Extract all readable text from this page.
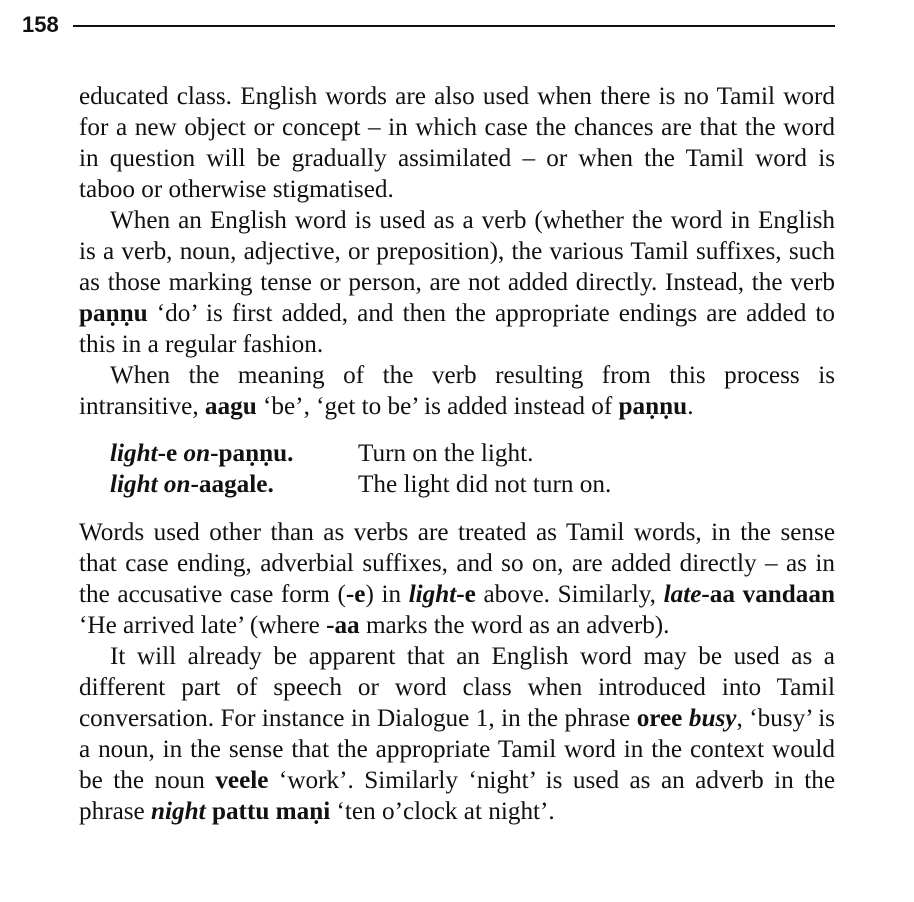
158

educated class. English words are also used when there is no Tamil word for a new object or concept – in which case the chances are that the word in question will be gradually assimilated – or when the Tamil word is taboo or otherwise stigmatised.

When an English word is used as a verb (whether the word in English is a verb, noun, adjective, or preposition), the various Tamil suffixes, such as those marking tense or person, are not added directly. Instead, the verb paṇṇu ‘do’ is first added, and then the appropriate endings are added to this in a regular fashion.

When the meaning of the verb resulting from this process is intransitive, aagu ‘be’, ‘get to be’ is added instead of paṇṇu.

light-e on-paṇṇu.	Turn on the light.
light on-aagale.	The light did not turn on.

Words used other than as verbs are treated as Tamil words, in the sense that case ending, adverbial suffixes, and so on, are added directly – as in the accusative case form (-e) in light-e above. Similarly, late-aa vandaan ‘He arrived late’ (where -aa marks the word as an adverb).

It will already be apparent that an English word may be used as a different part of speech or word class when introduced into Tamil conversation. For instance in Dialogue 1, in the phrase oree busy, ‘busy’ is a noun, in the sense that the appropriate Tamil word in the context would be the noun veele ‘work’. Similarly ‘night’ is used as an adverb in the phrase night pattu maṇi ‘ten o’clock at night’.
